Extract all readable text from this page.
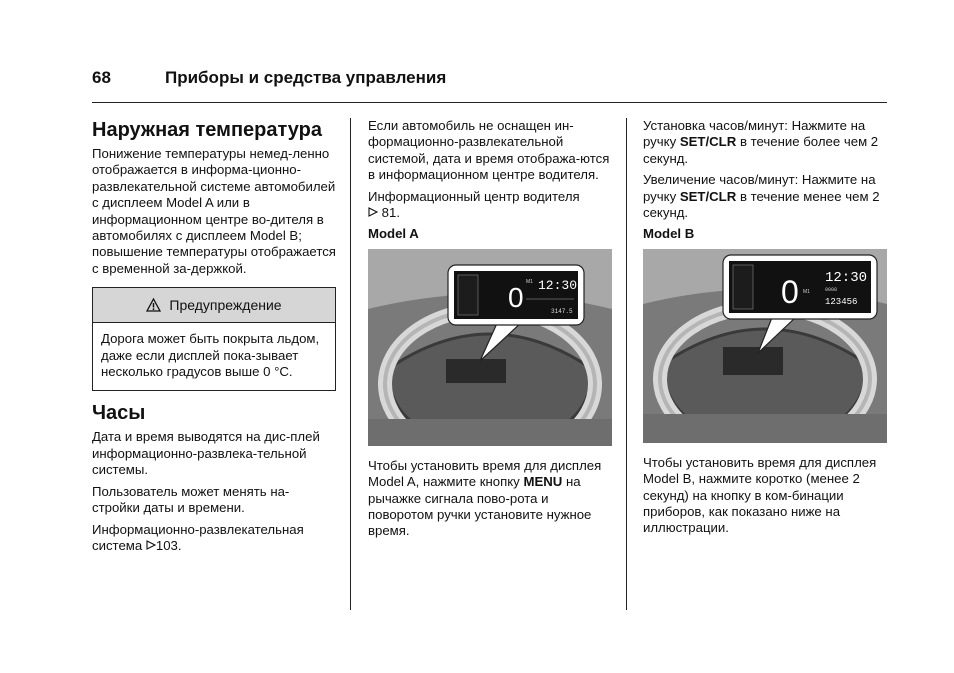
68	Приборы и средства управления
Наружная температура

Понижение температуры немед-ленно отображается в информа-ционно-развлекательной системе автомобилей с дисплеем Model A или в информационном центре во-дителя в автомобилях с дисплеем Model B; повышение температуры отображается с временной за-держкой.

Предупреждение
Дорога может быть покрыта льдом, даже если дисплей пока-зывает несколько градусов выше 0 °C.
Часы

Дата и время выводятся на дис-плей информационно-развлека-тельной системы.

Пользователь может менять на-стройки даты и времени.

Информационно-развлекательная система 103.

Если автомобиль не оснащен ин-формационно-развлекательной системой, дата и время отобража-ются в информационном центре водителя.

Информационный центр водителя
81.

Model A

0 12:30
M1
3147.5

Чтобы установить время для дисплея Model A, нажмите кнопку MENU на рычажке сигнала пово-рота и поворотом ручки установите нужное время.

Установка часов/минут: Нажмите на ручку SET/CLR в течение более чем 2 секунд.

Увеличение часов/минут: Нажмите на ручку SET/CLR в течение менее чем 2 секунд.

Model B

0 M1
12:30
0008
123456

Чтобы установить время для дисплея Model B, нажмите коротко (менее 2 секунд) на кнопку в ком-бинации приборов, как показано ниже на иллюстрации.
